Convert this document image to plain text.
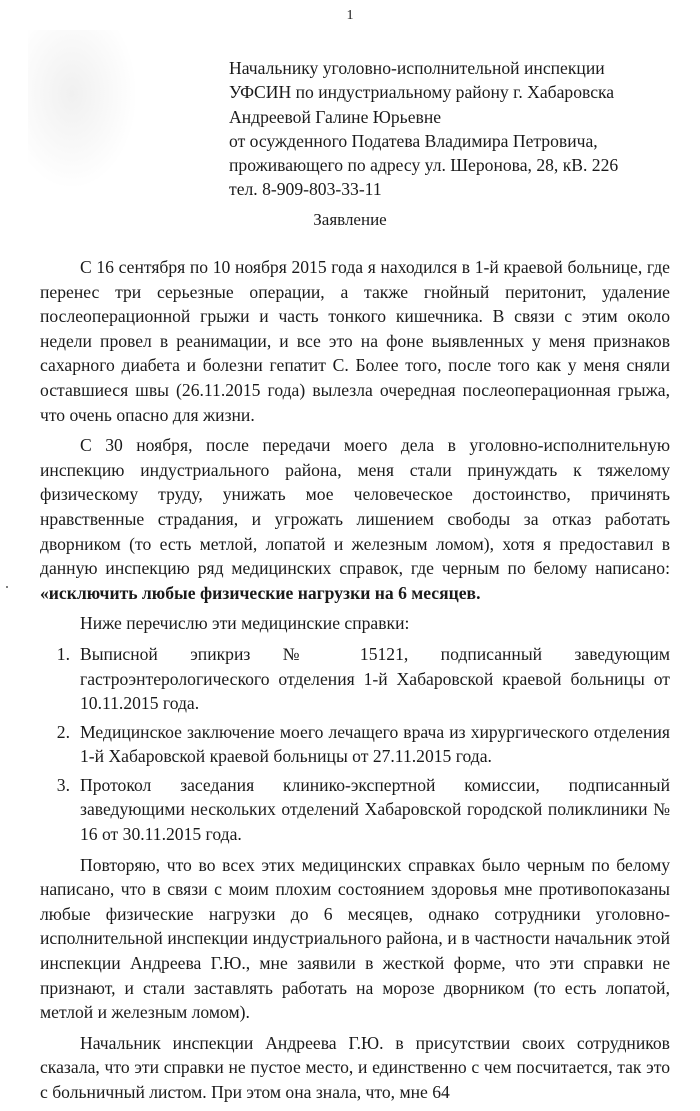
1
Начальнику уголовно-исполнительной инспекции
УФСИН по индустриальному району г. Хабаровска
Андреевой Галине Юрьевне
от осужденного Податева Владимира Петровича,
проживающего по адресу ул. Шеронова, 28, кВ. 226
тел. 8-909-803-33-11
Заявление

С 16 сентября по 10 ноября 2015 года я находился в 1-й краевой больнице, где перенес три серьезные операции, а также гнойный перитонит, удаление послеоперационной грыжи и часть тонкого кишечника. В связи с этим около недели провел в реанимации, и все это на фоне выявленных у меня признаков сахарного диабета и болезни гепатит С. Более того, после того как у меня сняли оставшиеся швы (26.11.2015 года) вылезла очередная послеоперационная грыжа, что очень опасно для жизни.

С 30 ноября, после передачи моего дела в уголовно-исполнительную инспекцию индустриального района, меня стали принуждать к тяжелому физическому труду, унижать мое человеческое достоинство, причинять нравственные страдания, и угрожать лишением свободы за отказ работать дворником (то есть метлой, лопатой и железным ломом), хотя я предоставил в данную инспекцию ряд медицинских справок, где черным по белому написано: «исключить любые физические нагрузки на 6 месяцев.

Ниже перечислю эти медицинские справки:

1. Выписной эпикриз № 15121, подписанный заведующим гастроэнтерологического отделения 1-й Хабаровской краевой больницы от 10.11.2015 года.
2. Медицинское заключение моего лечащего врача из хирургического отделения 1-й Хабаровской краевой больницы от 27.11.2015 года.
3. Протокол заседания клинико-экспертной комиссии, подписанный заведующими нескольких отделений Хабаровской городской поликлиники № 16 от 30.11.2015 года.

Повторяю, что во всех этих медицинских справках было черным по белому написано, что в связи с моим плохим состоянием здоровья мне противопоказаны любые физические нагрузки до 6 месяцев, однако сотрудники уголовно-исполнительной инспекции индустриального района, и в частности начальник этой инспекции Андреева Г.Ю., мне заявили в жесткой форме, что эти справки не признают, и стали заставлять работать на морозе дворником (то есть лопатой, метлой и железным ломом).

Начальник инспекции Андреева Г.Ю. в присутствии своих сотрудников сказала, что эти справки не пустое место, и единственно с чем посчитается, так это с больничный листом. При этом она знала, что, мне 64
